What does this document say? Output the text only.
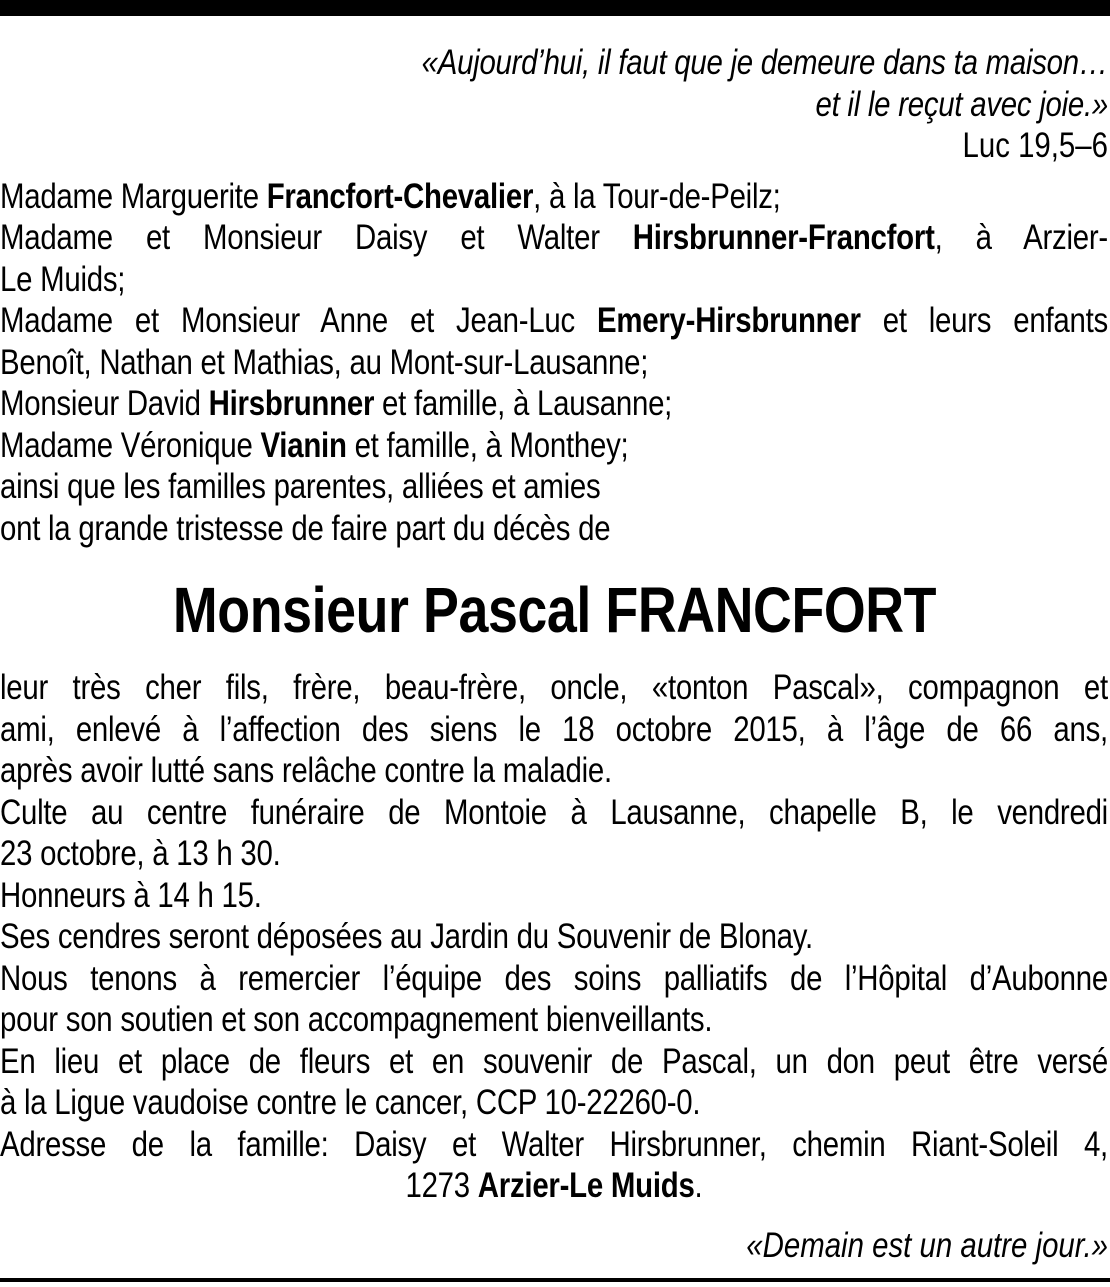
«Aujourd’hui, il faut que je demeure dans ta maison…
et il le reçut avec joie.»
Luc 19,5–6
Madame Marguerite Francfort-Chevalier, à la Tour-de-Peilz;
Madame et Monsieur Daisy et Walter Hirsbrunner-Francfort, à Arzier-
Le Muids;
Madame et Monsieur Anne et Jean-Luc Emery-Hirsbrunner et leurs enfants
Benoît, Nathan et Mathias, au Mont-sur-Lausanne;
Monsieur David Hirsbrunner et famille, à Lausanne;
Madame Véronique Vianin et famille, à Monthey;
ainsi que les familles parentes, alliées et amies
ont la grande tristesse de faire part du décès de
Monsieur Pascal FRANCFORT
leur très cher fils, frère, beau-frère, oncle, «tonton Pascal», compagnon et
ami, enlevé à l’affection des siens le 18 octobre 2015, à l’âge de 66 ans,
après avoir lutté sans relâche contre la maladie.
Culte au centre funéraire de Montoie à Lausanne, chapelle B, le vendredi
23 octobre, à 13 h 30.
Honneurs à 14 h 15.
Ses cendres seront déposées au Jardin du Souvenir de Blonay.
Nous tenons à remercier l’équipe des soins palliatifs de l’Hôpital d’Aubonne
pour son soutien et son accompagnement bienveillants.
En lieu et place de fleurs et en souvenir de Pascal, un don peut être versé
à la Ligue vaudoise contre le cancer, CCP 10-22260-0.
Adresse de la famille: Daisy et Walter Hirsbrunner, chemin Riant-Soleil 4,
1273 Arzier-Le Muids.
«Demain est un autre jour.»
